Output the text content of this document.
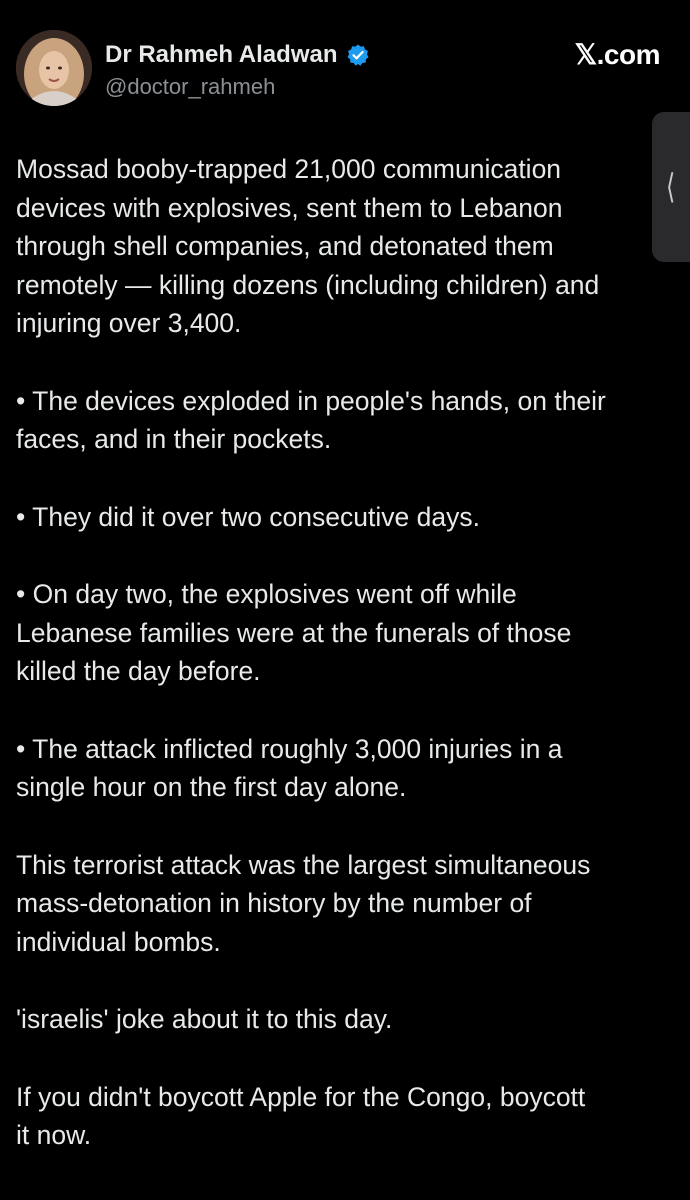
Dr Rahmeh Aladwan
@doctor_rahmeh
𝕏.com
⟨

Mossad booby-trapped 21,000 communication
devices with explosives, sent them to Lebanon
through shell companies, and detonated them
remotely — killing dozens (including children) and
injuring over 3,400.

• The devices exploded in people's hands, on their
faces, and in their pockets.

• They did it over two consecutive days.

• On day two, the explosives went off while
Lebanese families were at the funerals of those
killed the day before.

• The attack inflicted roughly 3,000 injuries in a
single hour on the first day alone.

This terrorist attack was the largest simultaneous
mass-detonation in history by the number of
individual bombs.

'israelis' joke about it to this day.

If you didn't boycott Apple for the Congo, boycott
it now.
